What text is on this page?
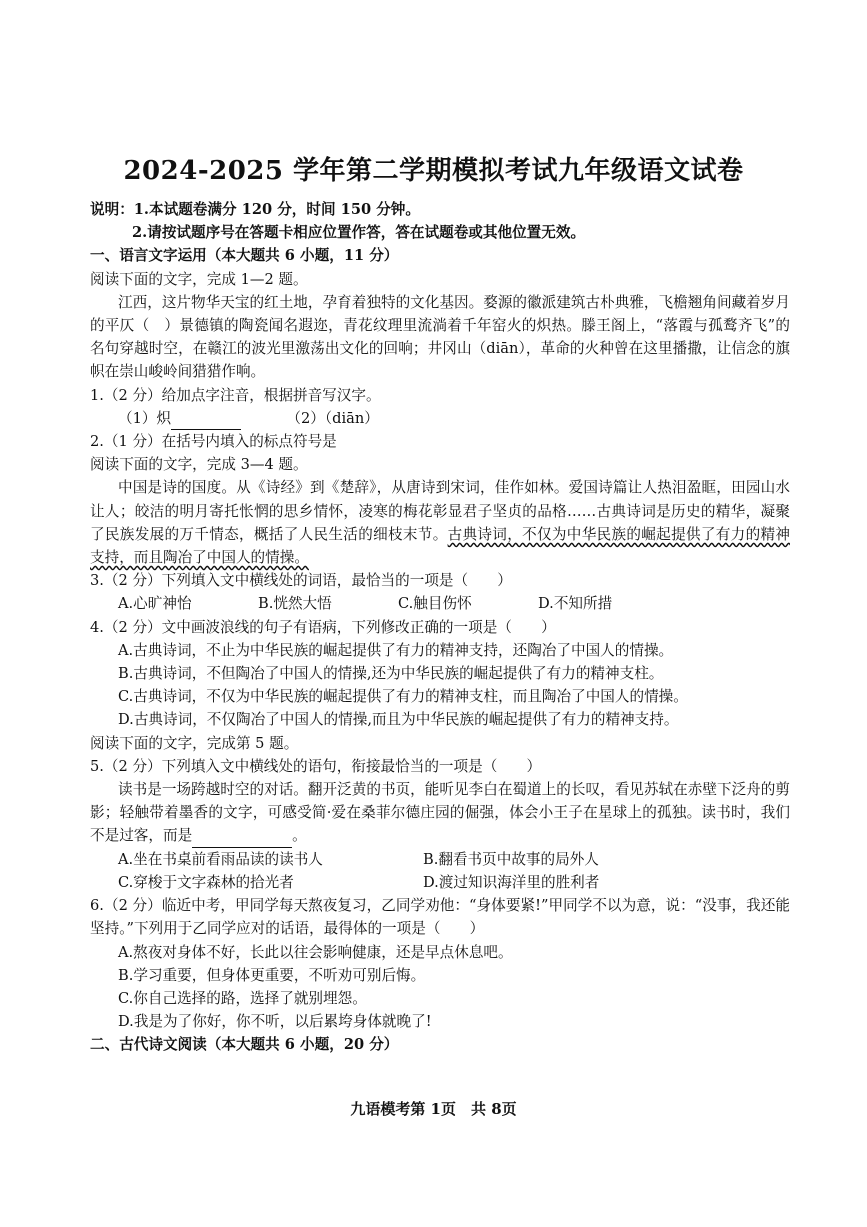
2024-2025 学年第二学期模拟考试九年级语文试卷
说明：1.本试题卷满分 120 分，时间 150 分钟。
2.请按试题序号在答题卡相应位置作答，答在试题卷或其他位置无效。
一、语言文字运用（本大题共 6 小题，11 分）
阅读下面的文字，完成 1—2 题。
江西，这片物华天宝的红土地，孕育着独特的文化基因。婺源的徽派建筑古朴典雅，飞檐翘角间藏着岁月的平仄（　）景德镇的陶瓷闻名遐迩，青花纹理里流淌着千年窑火的炽热。滕王阁上，“落霞与孤鹜齐飞”的名句穿越时空，在赣江的波光里激荡出文化的回响；井冈山（diān），革命的火种曾在这里播撒，让信念的旗帜在崇山峻岭间猎猎作响。
1.（2 分）给加点字注音，根据拼音写汉字。
（1）炽	（2）（diān）
2.（1 分）在括号内填入的标点符号是
阅读下面的文字，完成 3—4 题。
中国是诗的国度。从《诗经》到《楚辞》，从唐诗到宋词，佳作如林。爱国诗篇让人热泪盈眶，田园山水让人；皎洁的明月寄托怅惘的思乡情怀，凌寒的梅花彰显君子坚贞的品格……古典诗词是历史的精华，凝聚了民族发展的万千情态，概括了人民生活的细枝末节。古典诗词，不仅为中华民族的崛起提供了有力的精神支持，而且陶冶了中国人的情操。
3.（2 分）下列填入文中横线处的词语，最恰当的一项是（　　）
A.心旷神怡	B.恍然大悟	C.触目伤怀	D.不知所措
4.（2 分）文中画波浪线的句子有语病，下列修改正确的一项是（　　）
A.古典诗词，不止为中华民族的崛起提供了有力的精神支持，还陶冶了中国人的情操。
B.古典诗词，不但陶冶了中国人的情操,还为中华民族的崛起提供了有力的精神支柱。
C.古典诗词，不仅为中华民族的崛起提供了有力的精神支柱，而且陶冶了中国人的情操。
D.古典诗词，不仅陶冶了中国人的情操,而且为中华民族的崛起提供了有力的精神支持。
阅读下面的文字，完成第 5 题。
5.（2 分）下列填入文中横线处的语句，衔接最恰当的一项是（　　）
读书是一场跨越时空的对话。翻开泛黄的书页，能听见李白在蜀道上的长叹，看见苏轼在赤壁下泛舟的剪影；轻触带着墨香的文字，可感受简·爱在桑菲尔德庄园的倔强，体会小王子在星球上的孤独。读书时，我们不是过客，而是	。
A.坐在书桌前看雨品读的读书人	B.翻看书页中故事的局外人
C.穿梭于文字森林的拾光者	D.渡过知识海洋里的胜利者
6.（2 分）临近中考，甲同学每天熬夜复习，乙同学劝他：“身体要紧!”甲同学不以为意，说：“没事，我还能坚持。”下列用于乙同学应对的话语，最得体的一项是（　　）
A.熬夜对身体不好，长此以往会影响健康，还是早点休息吧。
B.学习重要，但身体更重要，不听劝可别后悔。
C.你自己选择的路，选择了就别埋怨。
D.我是为了你好，你不听，以后累垮身体就晚了!
二、古代诗文阅读（本大题共 6 小题，20 分）
九语模考第 1页　共 8页
